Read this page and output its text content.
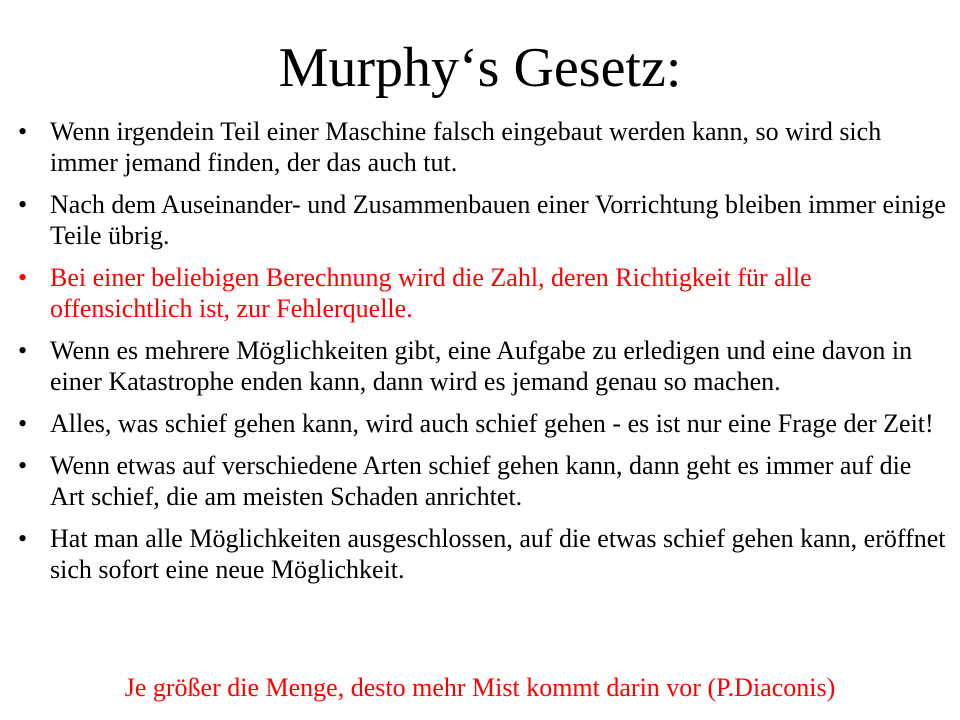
Murphy‘s Gesetz:
• Wenn irgendein Teil einer Maschine falsch eingebaut werden kann, so wird sich immer jemand finden, der das auch tut.
• Nach dem Auseinander- und Zusammenbauen einer Vorrichtung bleiben immer einige Teile übrig.
• Bei einer beliebigen Berechnung wird die Zahl, deren Richtigkeit für alle offensichtlich ist, zur Fehlerquelle.
• Wenn es mehrere Möglichkeiten gibt, eine Aufgabe zu erledigen und eine davon in einer Katastrophe enden kann, dann wird es jemand genau so machen.
• Alles, was schief gehen kann, wird auch schief gehen - es ist nur eine Frage der Zeit!
• Wenn etwas auf verschiedene Arten schief gehen kann, dann geht es immer auf die Art schief, die am meisten Schaden anrichtet.
• Hat man alle Möglichkeiten ausgeschlossen, auf die etwas schief gehen kann, eröffnet sich sofort eine neue Möglichkeit.
Je größer die Menge, desto mehr Mist kommt darin vor (P.Diaconis)
